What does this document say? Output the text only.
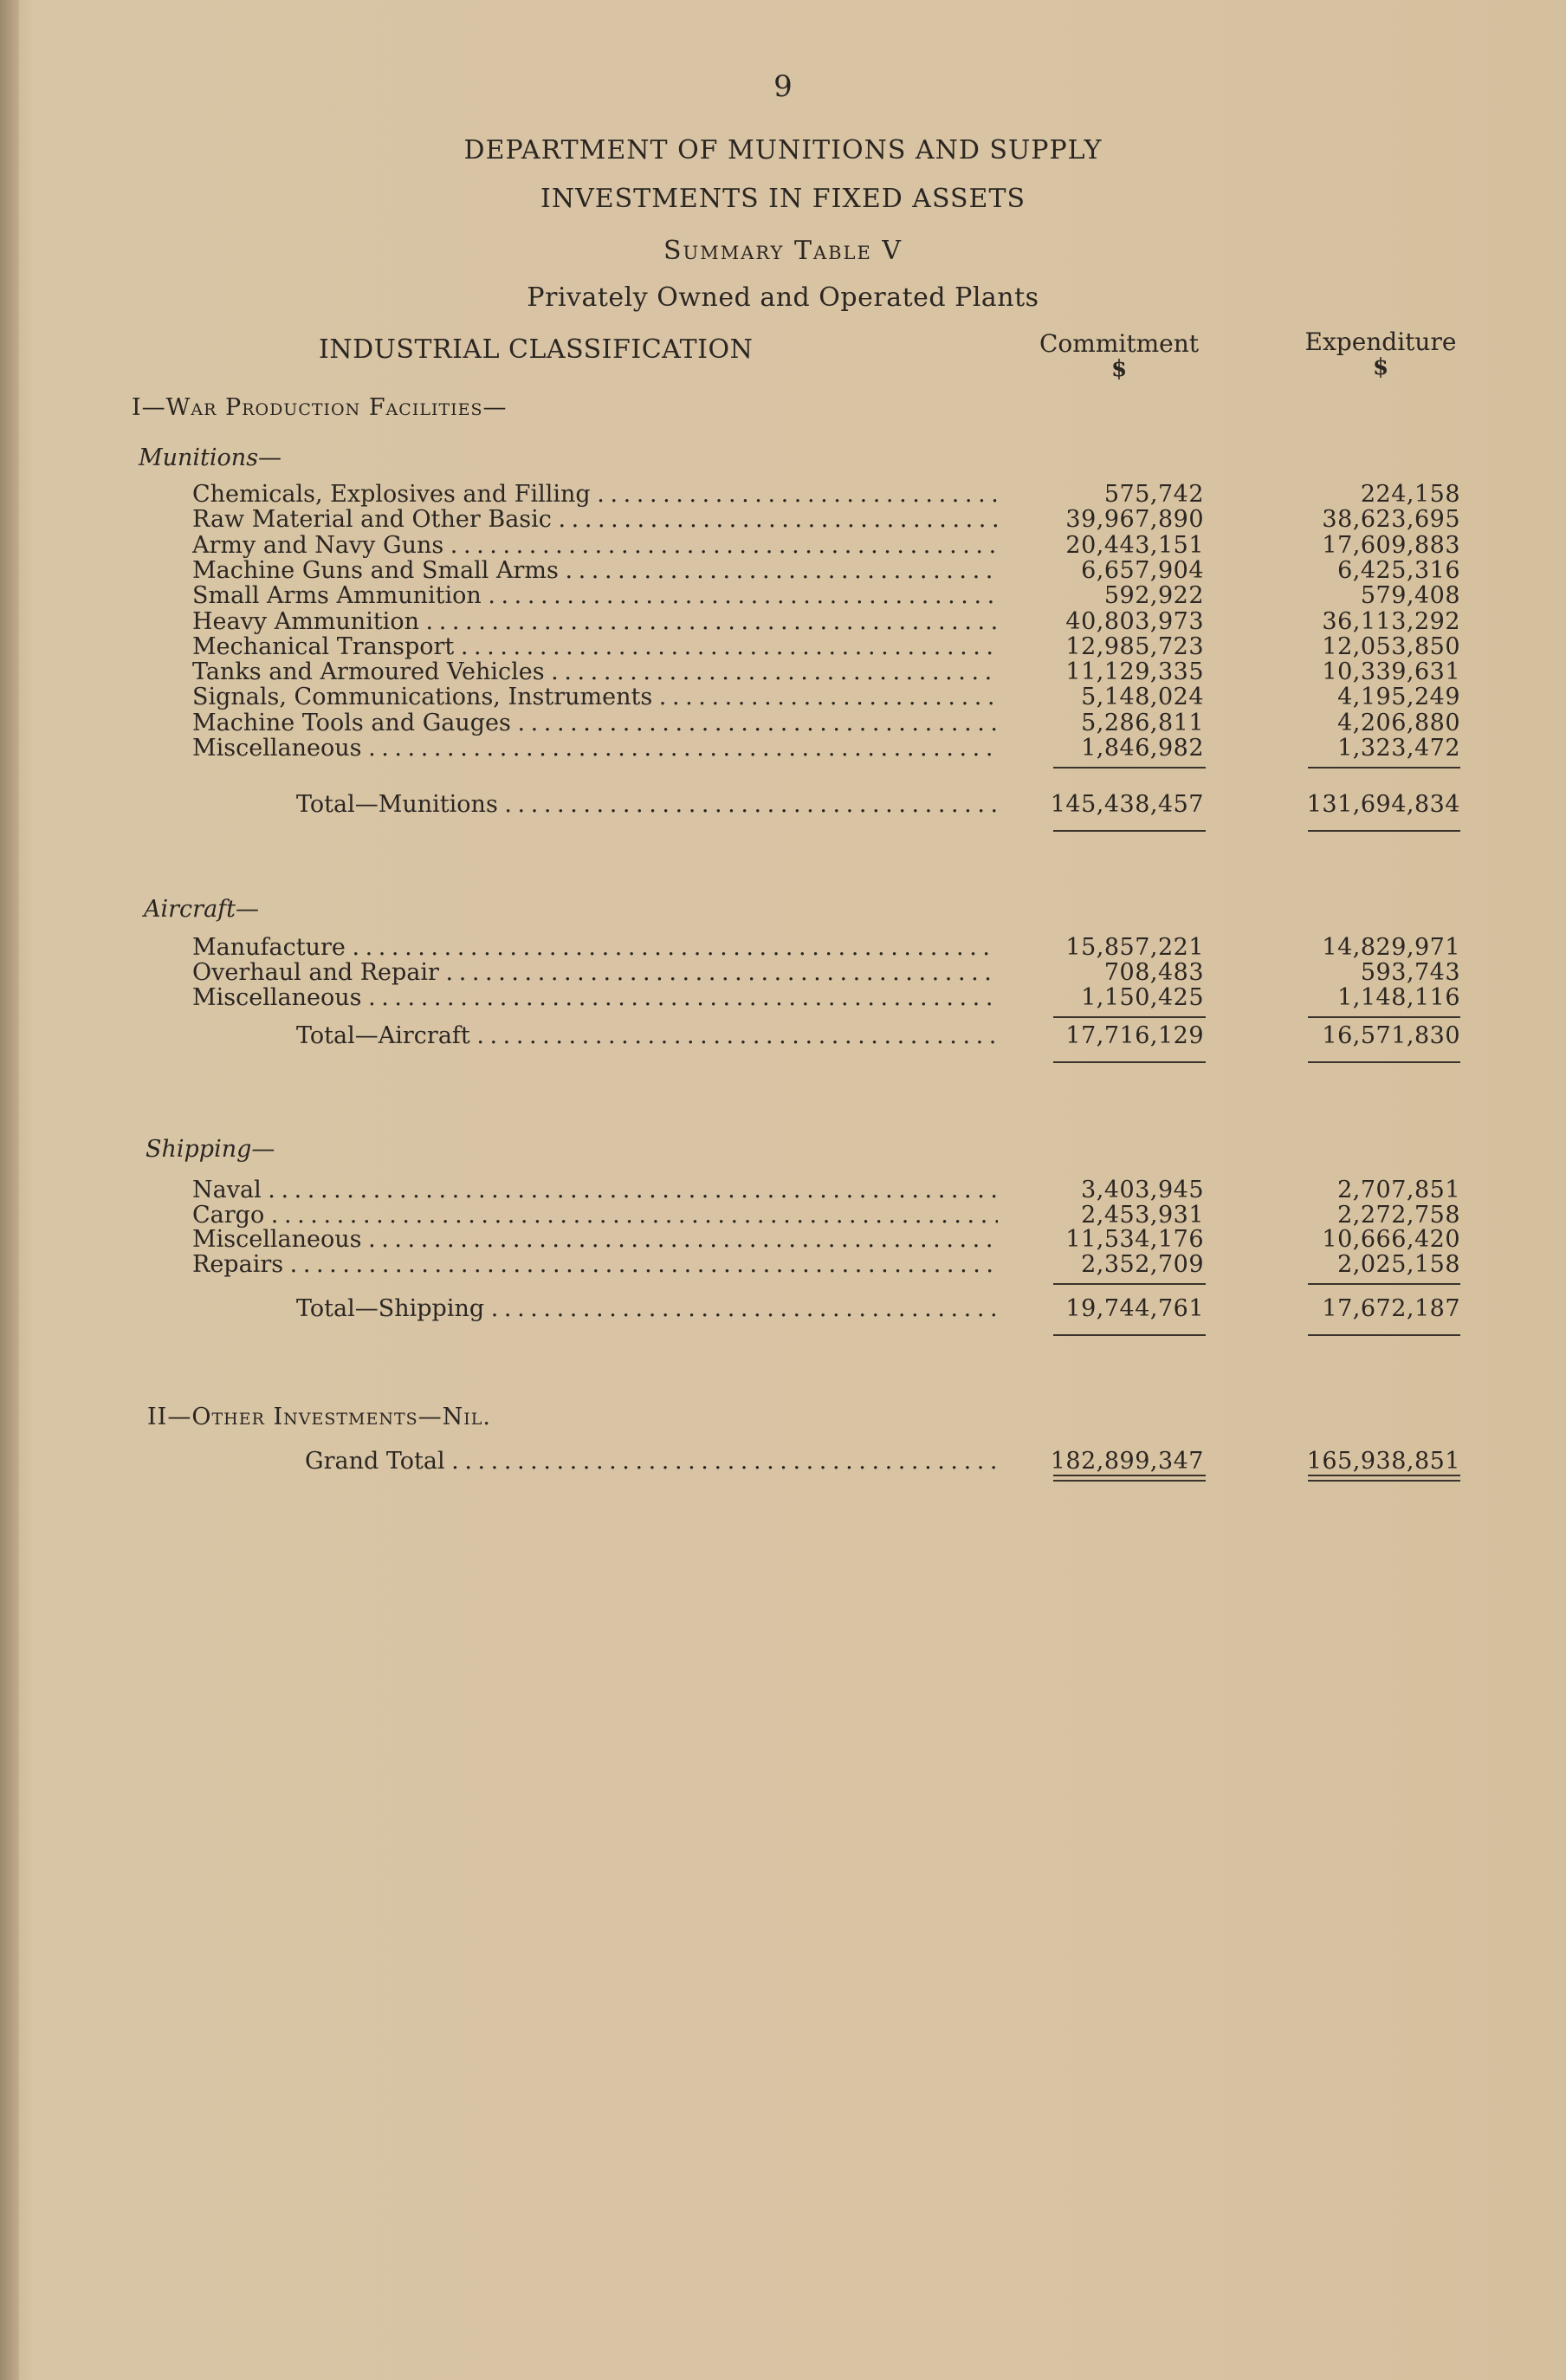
9
DEPARTMENT OF MUNITIONS AND SUPPLY
INVESTMENTS IN FIXED ASSETS
Summary Table V
Privately Owned and Operated Plants
INDUSTRIAL CLASSIFICATION	Commitment
$
Expenditure
$
I—War Production Facilities—
Munitions—
Chemicals, Explosives and Filling . . .	575,742	224,158
Raw Material and Other Basic . . .	39,967,890	38,623,695
Army and Navy Guns . . .	20,443,151	17,609,883
Machine Guns and Small Arms . . .	6,657,904	6,425,316
Small Arms Ammunition . . .	592,922	579,408
Heavy Ammunition . . .	40,803,973	36,113,292
Mechanical Transport . . .	12,985,723	12,053,850
Tanks and Armoured Vehicles . . .	11,129,335	10,339,631
Signals, Communications, Instruments . . .	5,148,024	4,195,249
Machine Tools and Gauges . . .	5,286,811	4,206,880
Miscellaneous . . .	1,846,982	1,323,472
Total—Munitions . . .	145,438,457	131,694,834
Aircraft—
Manufacture . . .	15,857,221	14,829,971
Overhaul and Repair . . .	708,483	593,743
Miscellaneous . . .	1,150,425	1,148,116
Total—Aircraft . . .	17,716,129	16,571,830
Shipping—
Naval . . .	3,403,945	2,707,851
Cargo . . .	2,453,931	2,272,758
Miscellaneous . . .	11,534,176	10,666,420
Repairs . . .	2,352,709	2,025,158
Total—Shipping . . .	19,744,761	17,672,187
II—Other Investments—Nil.
Grand Total . . .	182,899,347	165,938,851
